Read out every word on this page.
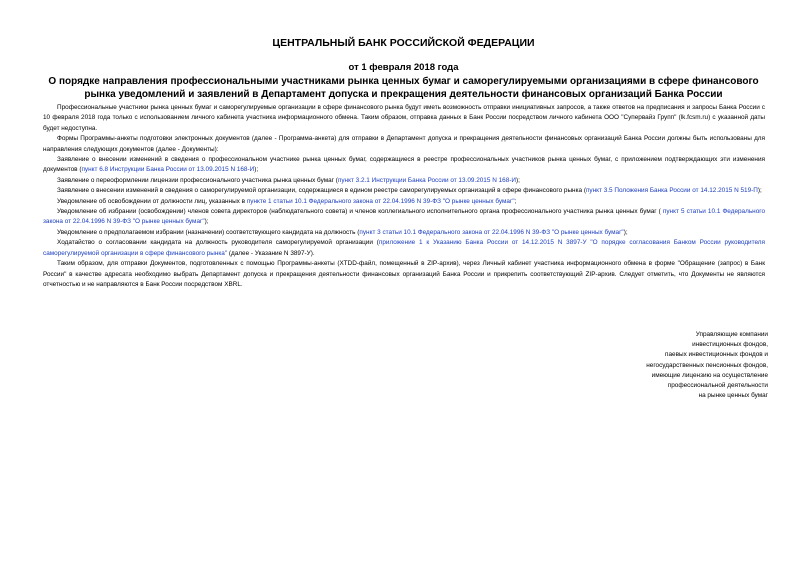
ЦЕНТРАЛЬНЫЙ БАНК РОССИЙСКОЙ ФЕДЕРАЦИИ
от 1 февраля 2018 года
О порядке направления профессиональными участниками рынка ценных бумаг и саморегулируемыми организациями в сфере финансового рынка уведомлений и заявлений в Департамент допуска и прекращения деятельности финансовых организаций Банка России

Профессиональные участники рынка ценных бумаг и саморегулируемые организации в сфере финансового рынка будут иметь возможность отправки инициативных запросов, а также ответов на предписания и запросы Банка России с 10 февраля 2018 года только с использованием личного кабинета участника информационного обмена. Таким образом, отправка данных в Банк России посредством личного кабинета ООО "Супервайз Групп" (lk.fcsm.ru) с указанной даты будет недоступна.

Формы Программы-анкеты подготовки электронных документов (далее - Программа-анкета) для отправки в Департамент допуска и прекращения деятельности финансовых организаций Банка России должны быть использованы для направления следующих документов (далее - Документы):

Заявление о внесении изменений в сведения о профессиональном участнике рынка ценных бумаг, содержащиеся в реестре профессиональных участников рынка ценных бумаг, с приложением подтверждающих эти изменения документов (пункт 6.8 Инструкции Банка России от 13.09.2015 N 168-И);

Заявление о переоформлении лицензии профессионального участника рынка ценных бумаг (пункт 3.2.1 Инструкции Банка России от 13.09.2015 N 168-И);

Заявление о внесении изменений в сведения о саморегулируемой организации, содержащиеся в едином реестре саморегулируемых организаций в сфере финансового рынка (пункт 3.5 Положения Банка России от 14.12.2015 N 519-П);

Уведомление об освобождении от должности лиц, указанных в пункте 1 статьи 10.1 Федерального закона от 22.04.1996 N 39-ФЗ "О рынке ценных бумаг";

Уведомление об избрании (освобождении) членов совета директоров (наблюдательного совета) и членов коллегиального исполнительного органа профессионального участника рынка ценных бумаг ( пункт 5 статьи 10.1 Федерального закона от 22.04.1996 N 39-ФЗ "О рынке ценных бумаг");

Уведомление о предполагаемом избрании (назначении) соответствующего кандидата на должность (пункт 3 статьи 10.1 Федерального закона от 22.04.1996 N 39-ФЗ "О рынке ценных бумаг");

Ходатайство о согласовании кандидата на должность руководителя саморегулируемой организации (приложение 1 к Указанию Банка России от 14.12.2015 N 3897-У "О порядке согласования Банком России руководителя саморегулируемой организации в сфере финансового рынка" (далее - Указание N 3897-У).

Таким образом, для отправки Документов, подготовленных с помощью Программы-анкеты (XTDD-файл, помещенный в ZIP-архив), через Личный кабинет участника информационного обмена в форме "Обращение (запрос) в Банк России" в качестве адресата необходимо выбрать Департамент допуска и прекращения деятельности финансовых организаций Банка России и прикрепить соответствующий ZIP-архив. Следует отметить, что Документы не являются отчетностью и не направляются в Банк России посредством XBRL.

Управляющие компании
инвестиционных фондов,
паевых инвестиционных фондов и
негосударственных пенсионных фондов,
имеющие лицензию на осуществление
профессиональной деятельности
на рынке ценных бумаг
